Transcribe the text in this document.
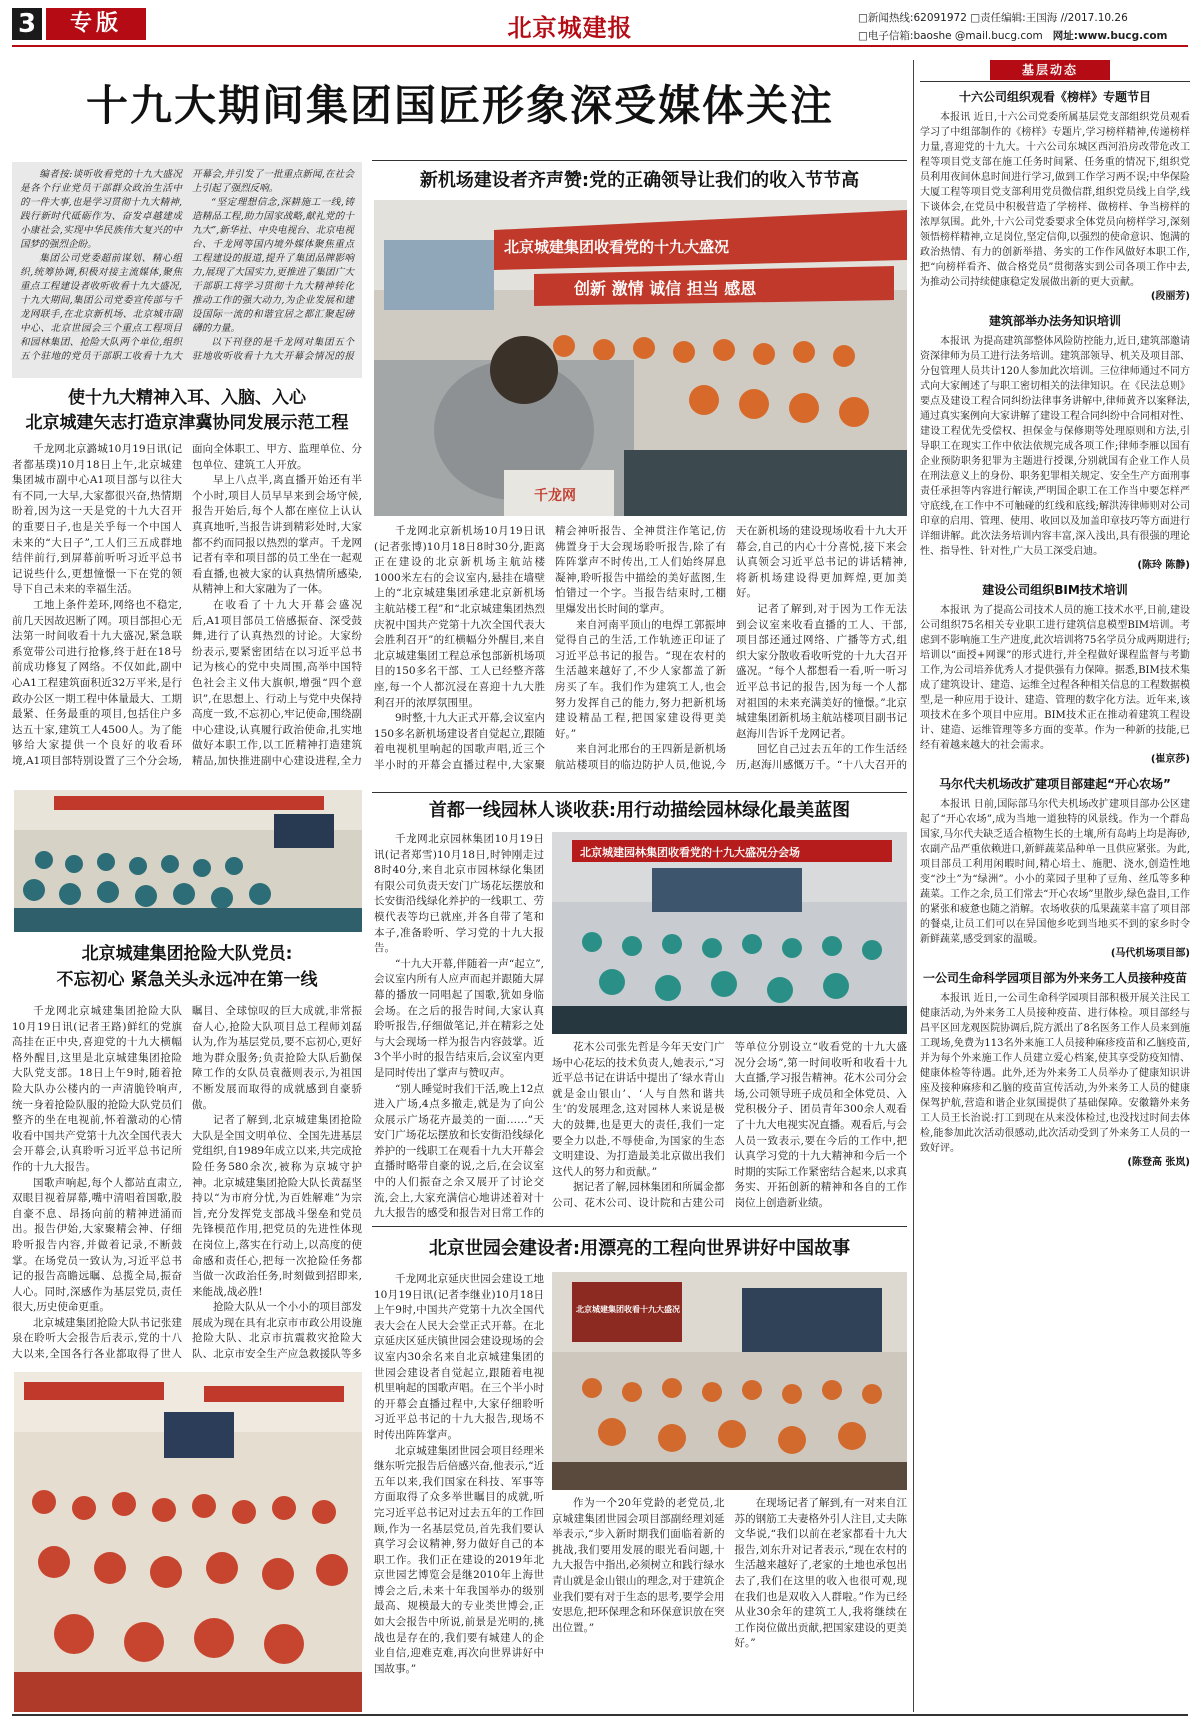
3	专版	北京城建报	□新闻热线:62091972 □责任编辑:王国海 //2017.10.26
□电子信箱:baoshe @mail.bucg.com 网址:www.bucg.com
十九大期间集团国匠形象深受媒体关注

编者按:谈听收看党的十九大盛况是各个行业党员干部群众政治生活中的一件大事,也是学习贯彻十九大精神,践行新时代砥砺作为、奋发卓越建成小康社会,实现中华民族伟大复兴的中国梦的强烈企盼。

集团公司党委超前谋划、精心组织,统筹协调,积极对接主流媒体,聚焦重点工程建设者收听收看十九大盛况,十九大期间,集团公司党委宣传部与千龙网联手,在北京新机场、北京城市副中心、北京世园会三个重点工程项目和园林集团、抢险大队两个单位,组织五个驻地的党员干部职工收看十九大开幕会,并引发了一批重点新闻,在社会上引起了强烈反响。

“坚定理想信念,深耕施工一线,铸造精品工程,助力国家战略,献礼党的十九大”,新华社、中央电视台、北京电视台、千龙网等国内境外媒体聚焦重点工程建设的报道,提升了集团品牌影响力,展现了大国实力,更推进了集团广大干部职工将学习贯彻十九大精神转化推动工作的强大动力,为企业发展和建设国际一流的和谐宜居之都汇聚起磅礴的力量。

以下刊登的是千龙网对集团五个驻地收听收看十九大开幕会情况的报

使十九大精神入耳、入脑、入心
北京城建矢志打造京津冀协同发展示范工程

千龙网北京潞城10月19日讯(记者都基璞)10月18日上午,北京城建集团城市副中心A1项目部与以往大有不同,一大早,大家都很兴奋,热情期盼着,因为这一天是党的十九大召开的重要日子,也是关乎每一个中国人未来的“大日子”,工人们三五成群地结伴前行,到屏幕前听听习近平总书记说些什么,更想憧憬一下在党的领导下自己未来的幸福生活。

工地上条件差环,网络也不稳定,前几天因故迟断了网。项目部担心无法第一时间收看十九大盛况,紧急联系宽带公司进行抢修,终于赶在18号前成功修复了网络。不仅如此,副中心A1工程建筑面积近32万平米,是行政办公区一期工程中体量最大、工期最紧、任务最重的项目,包括住户多达五十家,建筑工人4500人。为了能够给大家提供一个良好的收看环境,A1项目部特别设置了三个分会场,面向全体职工、甲方、监理单位、分包单位、建筑工人开放。

早上八点半,离直播开始还有半个小时,项目人员早早来到会场守候,报告开始后,每个人都在座位上认认真真地听,当报告讲到精彩处时,大家都不约而同报以热烈的掌声。千龙网记者有幸和项目部的员工坐在一起观看直播,也被大家的认真热情所感染,从精神上和大家融为了一体。

在收看了十九大开幕会盛况后,A1项目部员工倍感振奋、深受鼓舞,进行了认真热烈的讨论。大家纷纷表示,要紧密团结在以习近平总书记为核心的党中央周围,高举中国特色社会主义伟大旗帜,增强“四个意识”,在思想上、行动上与党中央保持高度一致,不忘初心,牢记使命,围绕副中心建设,认真履行政治使命,扎实地做好本职工作,以工匠精神打造建筑精品,加快推进副中心建设进程,全力

北京城建集团抢险大队党员:
不忘初心 紧急关头永远冲在第一线

千龙网北京城建集团抢险大队10月19日讯(记者王路)鲜红的党旗高挂在正中央,喜迎党的十九大横幅格外醒目,这里是北京城建集团抢险大队党支部。18日上午9时,随着抢险大队办公楼内的一声清脆铃响声,统一身着抢险队服的抢险大队党员们整齐的坐在电视前,怀着激动的心情收看中国共产党第十九次全国代表大会开幕会,认真聆听习近平总书记所作的十九大报告。

国歌声响起,每个人都站直肃立,双眼目视着屏幕,嘴中清唱着国歌,股自豪不息、昂扬向前的精神迸涌而出。报告伊始,大家聚精会神、仔细聆听报告内容,并做着记录,不断鼓掌。在场党员一致认为,习近平总书记的报告高瞻远瞩、总揽全局,振奋人心。同时,深感作为基层党员,责任很大,历史使命更重。

北京城建集团抢险大队书记张建泉在聆听大会报告后表示,党的十八大以来,全国各行各业都取得了世人瞩目、全球惊叹的巨大成就,非常振奋人心,抢险大队项目总工程师刘磊认为,作为基层党员,要不忘初心,更好地为群众服务;负责抢险大队后勤保障工作的女队员袁薇则表示,为祖国不断发展而取得的成就感到自豪骄傲。

记者了解到,北京城建集团抢险大队是全国文明单位、全国先进基层党组织,自1989年成立以来,共完成抢险任务580余次,被称为京城守护神。北京城建集团抢险大队长黄磊坚持以“为市府分忧,为百姓解难”为宗旨,充分发挥党支部战斗堡垒和党员先锋模范作用,把党员的先进性体现在岗位上,落实在行动上,以高度的使命感和责任心,把每一次抢险任务都当做一次政治任务,时刻做到招即来,来能战,战必胜!

抢险大队从一个小小的项目部发展成为现在具有北京市市政公用设施抢险大队、北京市抗震救灾抢险大队、北京市安全生产应急救援队等多

新机场建设者齐声赞:党的正确领导让我们的收入节节高
北京城建集团收看党的十九大盛况
创新 激情 诚信 担当 感恩
千龙网

千龙网北京新机场10月19日讯(记者张博)10月18日8时30分,距离正在建设的北京新机场主航站楼1000米左右的会议室内,悬挂在墙壁上的“北京城建集团承建北京新机场主航站楼工程”和“北京城建集团热烈庆祝中国共产党第十九次全国代表大会胜利召开”的红横幅分外醒目,来自北京城建集团工程总承包部新机场项目的150多名干部、工人已经整齐落座,每一个人都沉浸在喜迎十九大胜利召开的浓厚氛围里。

9时整,十九大正式开幕,会议室内150多名新机场建设者自觉起立,跟随着电视机里响起的国歌声唱,近三个半小时的开幕会直播过程中,大家聚精会神听报告、全神贯注作笔记,仿佛置身于大会现场聆听报告,除了有阵阵掌声不时传出,工人们始终屏息凝神,聆听报告中描绘的美好蓝图,生怕错过一个字。当报告结束时,工棚里爆发出长时间的掌声。

来自河南平顶山的电焊工郭振坤觉得自己的生活,工作轨迹正印证了习近平总书记的报告。“现在农村的生活越来越好了,不少人家都盖了新房买了车。我们作为建筑工人,也会努力发挥自己的能力,努力把新机场建设精品工程,把国家建设得更美好。”

来自河北邢台的王四新是新机场航站楼项目的临边防护人员,他说,今天在新机场的建设现场收看十九大开幕会,自己的内心十分喜悦,接下来会认真领会习近平总书记的讲话精神,将新机场建设得更加辉煌,更加美好。

记者了解到,对于因为工作无法到会议室来收看直播的工人、干部,项目部还通过网络、广播等方式,组织大家分散收看收听党的十九大召开盛况。“每个人都想看一看,听一听习近平总书记的报告,因为每一个人都对祖国的未来充满美好的憧憬。”北京城建集团新机场主航站楼项目副书记赵海川告诉千龙网记者。

回忆自己过去五年的工作生活经历,赵海川感慨万千。“十八大召开的

首都一线园林人谈收获:用行动描绘园林绿化最美蓝图
北京城建园林集团收看党的十九大盛况分会场

千龙网北京园林集团10月19日讯(记者郑雪)10月18日,时钟刚走过8时40分,来自北京市园林绿化集团有限公司负责天安门广场花坛摆放和长安街沿线绿化养护的一线职工、劳模代表等均已就座,并各自带了笔和本子,准备聆听、学习党的十九大报告。

“十九大开幕,伴随着一声“起立”,会议室内所有人应声而起并跟随大屏幕的播放一同唱起了国歌,犹如身临会场。在之后的报告时间,大家认真聆听报告,仔细做笔记,并在精彩之处与大会现场一样为报告内容鼓掌。近3个半小时的报告结束后,会议室内更是同时传出了掌声与赞叹声。

“别人睡觉时我们干活,晚上12点进入广场,4点多撤走,就是为了向公众展示广场花卉最美的一面……”天安门广场花坛摆放和长安街沿线绿化养护的一线职工在观看十九大开幕会直播时略带自豪的说,之后,在会议室中的人们振奋之余又展开了讨论交流,会上,大家充满信心地讲述着对十九大报告的感受和报告对日常工作的

花木公司张先哲是今年天安门广场中心花坛的技术负责人,她表示,“习近平总书记在讲话中提出了‘绿水青山就是金山银山’、‘人与自然和谐共生’的发展理念,这对园林人来说是极大的鼓舞,也是更大的责任,我们一定要全力以赴,不辱使命,为国家的生态文明建设、为打造最美北京做出我们这代人的努力和贡献。”

据记者了解,园林集团和所属金都公司、花木公司、设计院和古建公司等单位分别设立“收看党的十九大盛况分会场”,第一时间收听和收看十九大直播,学习报告精神。花木公司分会场,公司领导班子成员和全体党员、入党积极分子、团员青年300余人观看了十九大电视实况直播。观看后,与会人员一致表示,要在今后的工作中,把认真学习党的十九大精神和今后一个时期的实际工作紧密结合起来,以求真务实、开拓创新的精神和各自的工作岗位上创造新业绩。

北京世园会建设者:用漂亮的工程向世界讲好中国故事

千龙网北京延庆世园会建设工地10月19日讯(记者李继业)10月18日上午9时,中国共产党第十九次全国代表大会在人民大会堂正式开幕。在北京延庆区延庆镇世园会建设现场的会议室内30余名来自北京城建集团的世园会建设者自觉起立,跟随着电视机里响起的国歌声唱。在三个半小时的开幕会直播过程中,大家仔细聆听习近平总书记的十九大报告,现场不时传出阵阵掌声。

北京城建集团世园会项目经理米继东听完报告后倍感兴奋,他表示,“近五年以来,我们国家在科技、军事等方面取得了众多举世瞩目的成就,听完习近平总书记对过去五年的工作回顾,作为一名基层党员,首先我们要认真学习会议精神,努力做好自己的本职工作。我们正在建设的2019年北京世园艺博览会是继2010年上海世博会之后,未来十年我国举办的级别最高、规模最大的专业类世博会,正如大会报告中所说,前景是光明的,挑战也是存在的,我们要有城建人的企业自信,迎难克难,再次向世界讲好中国故事。”

北京城建集团收看十九大盛况

作为一个20年党龄的老党员,北京城建集团世园会项目部副经理刘延举表示,“步入新时期我们面临着新的挑战,我们要用发展的眼光看问题,十九大报告中指出,必须树立和践行绿水青山就是金山银山的理念,对于建筑企业我们要有对于生态的思考,要学会用安思危,把环保理念和环保意识放在突出位置。”

在现场记者了解到,有一对来自江苏的钢筋工夫妻格外引人注目,丈夫陈文华说,“我们以前在老家都看十九大报告,刘东升对记者表示,“现在农村的生活越来越好了,老家的土地也承包出去了,我们在这里的收入也很可观,现在我们也是双收入人群啦。”作为已经从业30余年的建筑工人,我将继续在工作岗位做出贡献,把国家建设的更美好。”

基层动态
十六公司组织观看《榜样》专题节目

本报讯 近日,十六公司党委所属基层党支部组织党员观看学习了中组部制作的《榜样》专题片,学习榜样精神,传递榜样力量,喜迎党的十九大。十六公司东城区西河沿房改带危改工程等项目党支部在施工任务时间紧、任务重的情况下,组织党员利用夜间休息时间进行学习,做到工作学习两不误;中华保险大厦工程等项目党支部利用党员微信群,组织党员线上自学,线下谈体会,在党员中积极营造了学榜样、做榜样、争当榜样的浓厚氛围。此外,十六公司党委要求全体党员向榜样学习,深刻领悟榜样精神,立足岗位,坚定信仰,以强烈的使命意识、饱满的政治热情、有力的创新举措、务实的工作作风做好本职工作,把“向榜样看齐、做合格党员”贯彻落实到公司各项工作中去,为推动公司持续健康稳定发展做出新的更大贡献。

(段丽芳)
建筑部举办法务知识培训

本报讯 为提高建筑部整体风险防控能力,近日,建筑部邀请资深律师为员工进行法务培训。建筑部领导、机关及项目部、分包管理人员共计120人参加此次培训。三位律师通过不同方式向大家阐述了与职工密切相关的法律知识。在《民法总则》要点及建设工程合同纠纷法律事务讲解中,律师黄齐以案释法,通过真实案例向大家讲解了建设工程合同纠纷中合同相对性、建设工程优先受偿权、担保金与保修期等处理原则和方法,引导职工在现实工作中依法依规完成各项工作;律师李雁以国有企业预防职务犯罪为主题进行授课,分别就国有企业工作人员在刑法意义上的身份、职务犯罪相关规定、安全生产方面刑事责任承担等内容进行解读,严明国企职工在工作当中要怎样严守底线,在工作中不可触碰的红线和底线;解洪涛律师则对公司印章的启用、管理、使用、收回以及加盖印章技巧等方面进行详细讲解。此次法务培训内容丰富,深入浅出,具有很强的理论性、指导性、针对性,广大员工深受启迪。

(陈玲 陈静)
建设公司组织BIM技术培训

本报讯 为了提高公司技术人员的施工技术水平,日前,建设公司组织75名相关专业职工进行建筑信息模型BIM培训。考虑到不影响施工生产进度,此次培训将75名学员分成两期进行;培训以“面授+网课”的形式进行,并全程做好课程监督与考勤工作,为公司培养优秀人才提供强有力保障。据悉,BIM技术集成了建筑设计、建造、运维全过程各种相关信息的工程数据模型,是一种应用于设计、建造、管理的数字化方法。近年来,该项技术在多个项目中应用。BIM技术正在推动着建筑工程设计、建造、运维管理等多方面的变革。作为一种新的技能,已经有着越来越大的社会需求。

(崔京莎)
马尔代夫机场改扩建项目部建起“开心农场”

本报讯 日前,国际部马尔代夫机场改扩建项目部办公区建起了“开心农场”,成为当地一道独特的风景线。作为一个群岛国家,马尔代夫缺乏适合植物生长的土壤,所有岛屿上均是海砂,农副产品严重依赖进口,新鲜蔬菜品种单一且供应紧张。为此,项目部员工利用闲暇时间,精心培土、施肥、浇水,创造性地变“沙土”为“绿洲”。小小的菜园子里种了豆角、丝瓜等多种蔬菜。工作之余,员工们常去“开心农场”里散步,绿色盎目,工作的紧张和疲惫也随之消解。农场收获的瓜果蔬菜丰富了项目部的餐桌,让员工们可以在异国他乡吃到当地买不到的家乡时令新鲜蔬菜,感受到家的温暖。

(马代机场项目部)
一公司生命科学园项目部为外来务工人员接种疫苗

本报讯 近日,一公司生命科学园项目部积极开展关注民工健康活动,为外来务工人员接种疫苗、进行体检。项目部经与昌平区回龙观医院协调后,院方派出了8名医务工作人员来到施工现场,免费为113名外来施工人员接种麻疹疫苗和乙脑疫苗,并为每个外来施工作人员建立爱心档案,使其享受防疫知情、健康体检等待遇。此外,还为外来务工人员举办了健康知识讲座及接种麻疹和乙脑的疫苗宣传活动,为外来务工人员的健康保驾护航,营造和谐企业氛围提供了基础保障。安徽籍外来务工人员王长治说:打工到现在从来没体检过,也没找过时间去体检,能参加此次活动很感动,此次活动受到了外来务工人员的一致好评。

(陈登高 张岚)
